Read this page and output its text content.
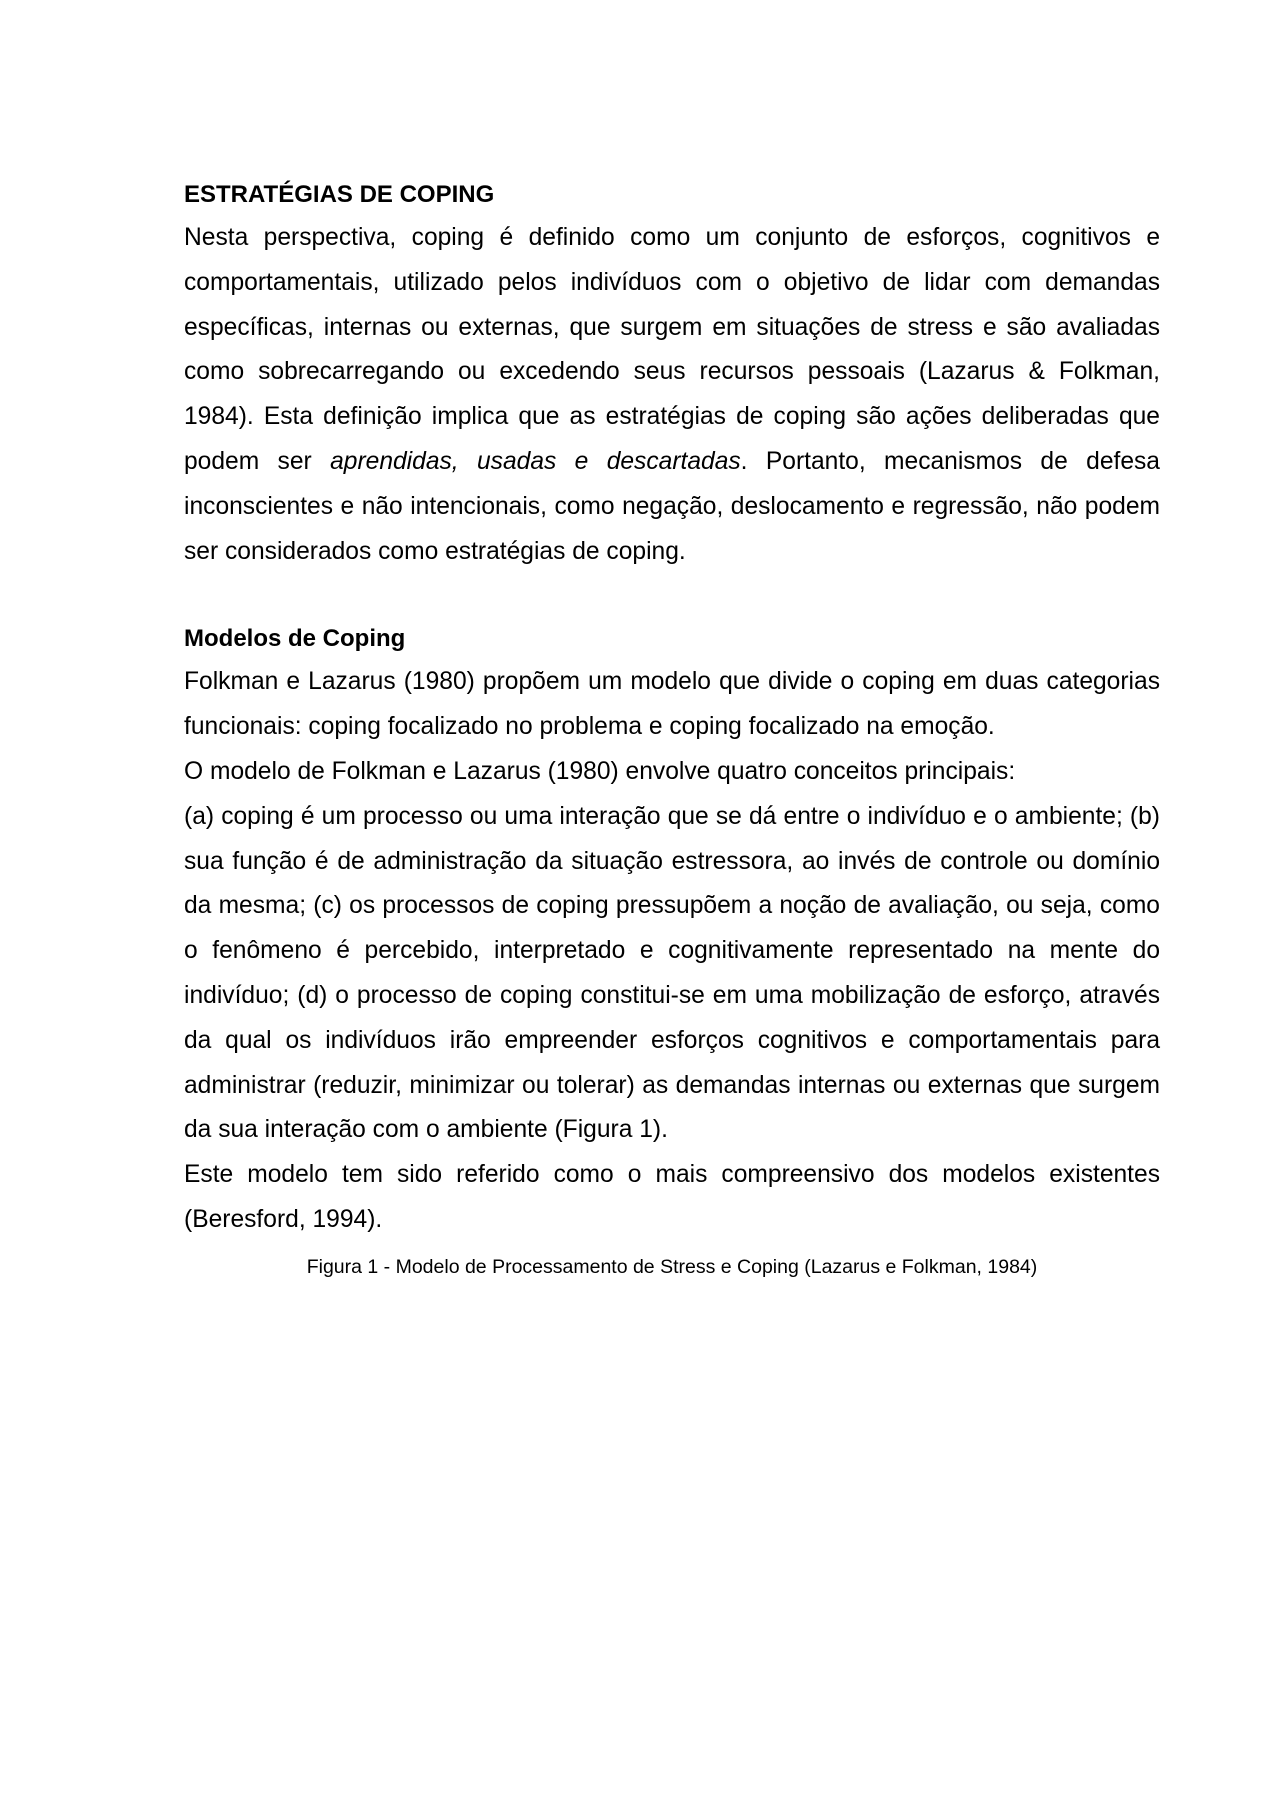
ESTRATÉGIAS DE COPING

Nesta perspectiva, coping é definido como um conjunto de esforços, cognitivos e comportamentais, utilizado pelos indivíduos com o objetivo de lidar com demandas específicas, internas ou externas, que surgem em situações de stress e são avaliadas como sobrecarregando ou excedendo seus recursos pessoais (Lazarus & Folkman, 1984). Esta definição implica que as estratégias de coping são ações deliberadas que podem ser aprendidas, usadas e descartadas. Portanto, mecanismos de defesa inconscientes e não intencionais, como negação, deslocamento e regressão, não podem ser considerados como estratégias de coping.

Modelos de Coping

Folkman e Lazarus (1980) propõem um modelo que divide o coping em duas categorias funcionais: coping focalizado no problema e coping focalizado na emoção.

O modelo de Folkman e Lazarus (1980) envolve quatro conceitos principais:

(a) coping é um processo ou uma interação que se dá entre o indivíduo e o ambiente; (b) sua função é de administração da situação estressora, ao invés de controle ou domínio da mesma; (c) os processos de coping pressupõem a noção de avaliação, ou seja, como o fenômeno é percebido, interpretado e cognitivamente representado na mente do indivíduo; (d) o processo de coping constitui-se em uma mobilização de esforço, através da qual os indivíduos irão empreender esforços cognitivos e comportamentais para administrar (reduzir, minimizar ou tolerar) as demandas internas ou externas que surgem da sua interação com o ambiente (Figura 1).

Este modelo tem sido referido como o mais compreensivo dos modelos existentes (Beresford, 1994).

Figura 1 - Modelo de Processamento de Stress e Coping (Lazarus e Folkman, 1984)
